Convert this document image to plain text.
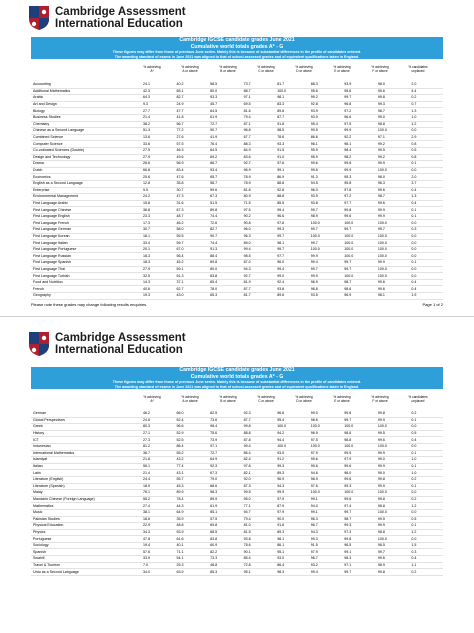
Cambridge Assessment
International Education
Cambridge IGCSE candidate grades June 2021
Cumulative world totals grades A* - G
These figures may differ from those of previous June series. Mainly this is because of substantial differences in the profile of candidates entered.
The awarding standard of exams in June 2021 was aligned to that of school-assessed grades and of equivalent qualifications taken in England.
% achieving
A*
% achieving
A or above
% achieving
B or above
% achieving
C or above
% achieving
D or above
% achieving
E or above
% achieving
F or above
% candidates
unplaced
Accounting	24.1	40.2	58.5	73.7	81.7	88.3	93.9	98.0	2.0
Additional Mathematics	42.3	65.1	80.0	88.7	100.0	95.6	95.6	95.6	4.4
Arabic	64.3	82.7	93.3	97.1	98.1	99.2	99.7	99.8	0.2
Art and Design	9.3	24.9	45.7	69.5	83.3	92.8	96.8	99.3	0.7
Biology	27.7	47.7	64.5	81.6	89.6	93.9	97.2	98.7	1.3
Business Studies	21.4	41.8	61.9	79.4	87.7	93.9	96.6	99.0	1.0
Chemistry	38.2	56.7	72.7	87.1	91.8	95.4	97.5	98.8	1.2
Chinese as a Second Language	51.3	77.2	90.7	96.8	98.5	99.5	99.9	100.0	0.0
Combined Science	13.6	27.6	41.9	67.7	78.6	86.6	92.2	97.1	2.9
Computer Science	33.6	57.5	76.4	88.3	93.3	96.1	98.1	99.2	0.8
Co-ordinated Sciences (Double)	27.5	46.3	64.5	84.9	91.5	95.9	98.4	99.5	0.5
Design and Technology	27.9	49.6	69.2	83.6	91.0	95.9	98.2	99.2	0.8
Drama	26.6	56.9	86.7	92.7	97.6	99.6	99.8	99.9	0.1
Dutch	66.8	83.4	93.4	96.9	99.1	99.6	99.9	100.0	0.0
Economics	25.6	47.6	65.7	78.9	86.9	91.3	95.3	98.0	2.0
English as a Second Language	12.8	35.8	58.7	78.9	88.6	94.5	95.8	96.3	3.7
Enterprise	9.5	30.7	59.6	81.6	92.8	96.0	97.8	99.6	0.4
Environmental Management	24.2	47.3	67.3	80.9	88.8	93.9	97.2	98.7	1.3
First Language Arabic	15.8	31.6	51.5	71.5	85.5	93.8	97.7	99.6	0.4
First Language Chinese	36.8	67.3	89.8	97.5	99.4	99.7	99.8	99.9	0.1
First Language English	23.3	48.7	74.4	90.2	96.6	98.9	99.6	99.9	0.1
First Language French	17.3	46.2	72.6	90.8	97.8	100.0	100.0	100.0	0.0
First Language German	30.7	58.0	82.7	96.0	99.3	99.7	99.7	99.7	0.3
First Language Korean	18.1	59.5	90.7	96.3	99.7	100.0	100.0	100.0	0.0
First Language Italian	33.4	59.7	74.4	89.0	98.1	99.7	100.0	100.0	0.0
First Language Portuguese	20.1	67.0	91.3	99.4	99.7	100.0	100.0	100.0	0.0
First Language Russian	18.3	56.4	88.4	98.5	97.7	99.9	100.0	100.0	0.0
First Language Spanish	18.3	45.2	69.8	87.0	96.0	99.4	99.7	99.9	0.1
First Language Thai	27.9	59.1	80.0	94.3	99.4	99.7	99.7	100.0	0.0
First Language Turkish	32.5	61.3	83.8	92.7	99.0	99.9	100.0	100.0	0.0
Food and Nutrition	14.3	37.1	65.4	81.9	92.4	96.9	98.7	99.6	0.4
French	40.6	62.7	78.0	87.7	93.8	96.8	98.6	99.6	0.4
Geography	19.3	43.0	65.3	81.7	89.6	93.5	96.9	98.1	1.9
Please note these grades may change following results enquiries.	Page 1 of 2
Cambridge Assessment
International Education
Cambridge IGCSE candidate grades June 2021
Cumulative world totals grades A* - G
These figures may differ from those of previous June series. Mainly this is because of substantial differences in the profile of candidates entered.
The awarding standard of exams in June 2021 was aligned to that of school-assessed grades and of equivalent qualifications taken in England.
% achieving
A*
% achieving
A or above
% achieving
B or above
% achieving
C or above
% achieving
D or above
% achieving
E or above
% achieving
F or above
% candidates
unplaced
German	46.2	66.0	82.5	92.3	96.6	99.0	99.8	99.8	0.2
Global Perspectives	24.6	52.4	73.6	87.7	95.4	98.6	99.7	99.9	0.1
Greek	80.3	96.6	98.4	99.8	100.0	100.0	100.0	100.0	0.0
History	27.1	52.9	75.6	88.8	94.2	96.9	98.6	99.5	0.5
ICT	27.3	52.5	73.9	87.8	94.4	97.5	98.8	99.6	0.4
Indonesian	81.2	86.4	97.1	99.4	100.0	100.0	100.0	100.0	0.0
International Mathematics	36.7	55.2	72.7	86.4	93.9	97.9	99.5	99.9	0.1
Islamiyat	21.8	43.2	64.9	82.4	91.2	95.6	97.9	99.0	1.0
Italian	56.1	77.4	92.3	97.8	99.3	99.6	99.6	99.9	0.1
Latin	21.4	43.1	67.3	82.1	89.3	94.6	98.0	99.0	1.0
Literature (English)	24.4	55.7	79.0	92.0	96.9	98.9	99.6	99.8	0.2
Literature (Spanish)	18.9	45.3	68.6	87.3	94.3	97.6	99.3	99.9	0.1
Malay	76.1	89.9	98.3	99.5	99.9	100.0	100.0	100.0	0.0
Mandarin Chinese (Foreign Language)	55.2	78.4	89.9	95.0	97.9	99.1	99.6	99.8	0.2
Mathematics	27.4	44.3	61.9	77.1	87.9	94.0	97.4	98.8	1.2
Music	38.1	64.9	85.1	94.7	97.9	99.1	99.7	100.0	0.0
Pakistan Studies	18.6	35.9	57.5	79.4	90.0	96.3	98.7	99.5	0.5
Physical Education	22.9	48.8	69.8	81.0	91.6	96.7	99.3	99.9	0.1
Physics	34.3	53.9	68.5	81.5	89.3	94.3	97.3	98.8	1.2
Portuguese	47.8	61.6	83.8	93.8	98.1	99.3	99.8	100.0	0.0
Sociology	19.4	40.1	60.9	78.6	86.1	91.5	96.5	98.5	1.5
Spanish	57.6	71.1	82.2	90.1	95.1	97.9	99.1	99.7	0.3
Swahili	33.9	54.1	73.3	85.4	93.0	96.7	98.3	99.6	0.4
Travel & Tourism	7.0	25.3	48.8	72.8	86.4	93.2	97.1	98.9	1.1
Urdu as a Second Language	34.0	63.9	85.3	95.1	98.3	99.4	99.7	99.8	0.2
